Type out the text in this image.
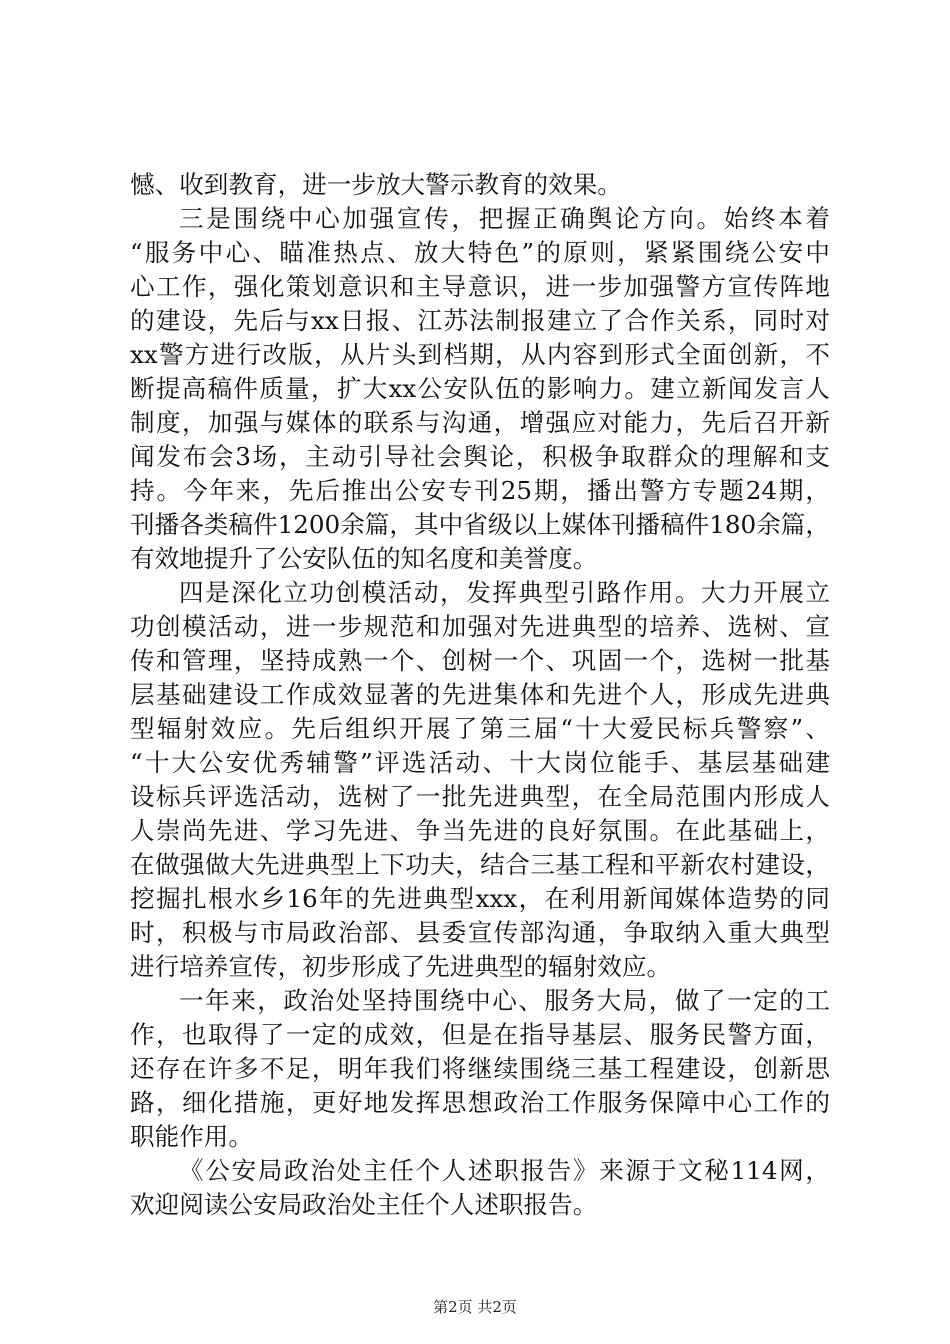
憾、收到教育，进一步放大警示教育的效果。
三是围绕中心加强宣传，把握正确舆论方向。始终本着
“服务中心、瞄准热点、放大特色”的原则，紧紧围绕公安中
心工作，强化策划意识和主导意识，进一步加强警方宣传阵地
的建设，先后与xx日报、江苏法制报建立了合作关系，同时对
xx警方进行改版，从片头到档期，从内容到形式全面创新，不
断提高稿件质量，扩大xx公安队伍的影响力。建立新闻发言人
制度，加强与媒体的联系与沟通，增强应对能力，先后召开新
闻发布会3场，主动引导社会舆论，积极争取群众的理解和支
持。今年来，先后推出公安专刊25期，播出警方专题24期，
刊播各类稿件1200余篇，其中省级以上媒体刊播稿件180余篇，
有效地提升了公安队伍的知名度和美誉度。
四是深化立功创模活动，发挥典型引路作用。大力开展立
功创模活动，进一步规范和加强对先进典型的培养、选树、宣
传和管理，坚持成熟一个、创树一个、巩固一个，选树一批基
层基础建设工作成效显著的先进集体和先进个人，形成先进典
型辐射效应。先后组织开展了第三届“十大爱民标兵警察”、
“十大公安优秀辅警”评选活动、十大岗位能手、基层基础建
设标兵评选活动，选树了一批先进典型，在全局范围内形成人
人崇尚先进、学习先进、争当先进的良好氛围。在此基础上，
在做强做大先进典型上下功夫，结合三基工程和平新农村建设，
挖掘扎根水乡16年的先进典型xxx，在利用新闻媒体造势的同
时，积极与市局政治部、县委宣传部沟通，争取纳入重大典型
进行培养宣传，初步形成了先进典型的辐射效应。
一年来，政治处坚持围绕中心、服务大局，做了一定的工
作，也取得了一定的成效，但是在指导基层、服务民警方面，
还存在许多不足，明年我们将继续围绕三基工程建设，创新思
路，细化措施，更好地发挥思想政治工作服务保障中心工作的
职能作用。
《公安局政治处主任个人述职报告》来源于文秘114网，
欢迎阅读公安局政治处主任个人述职报告。
第2页 共2页
